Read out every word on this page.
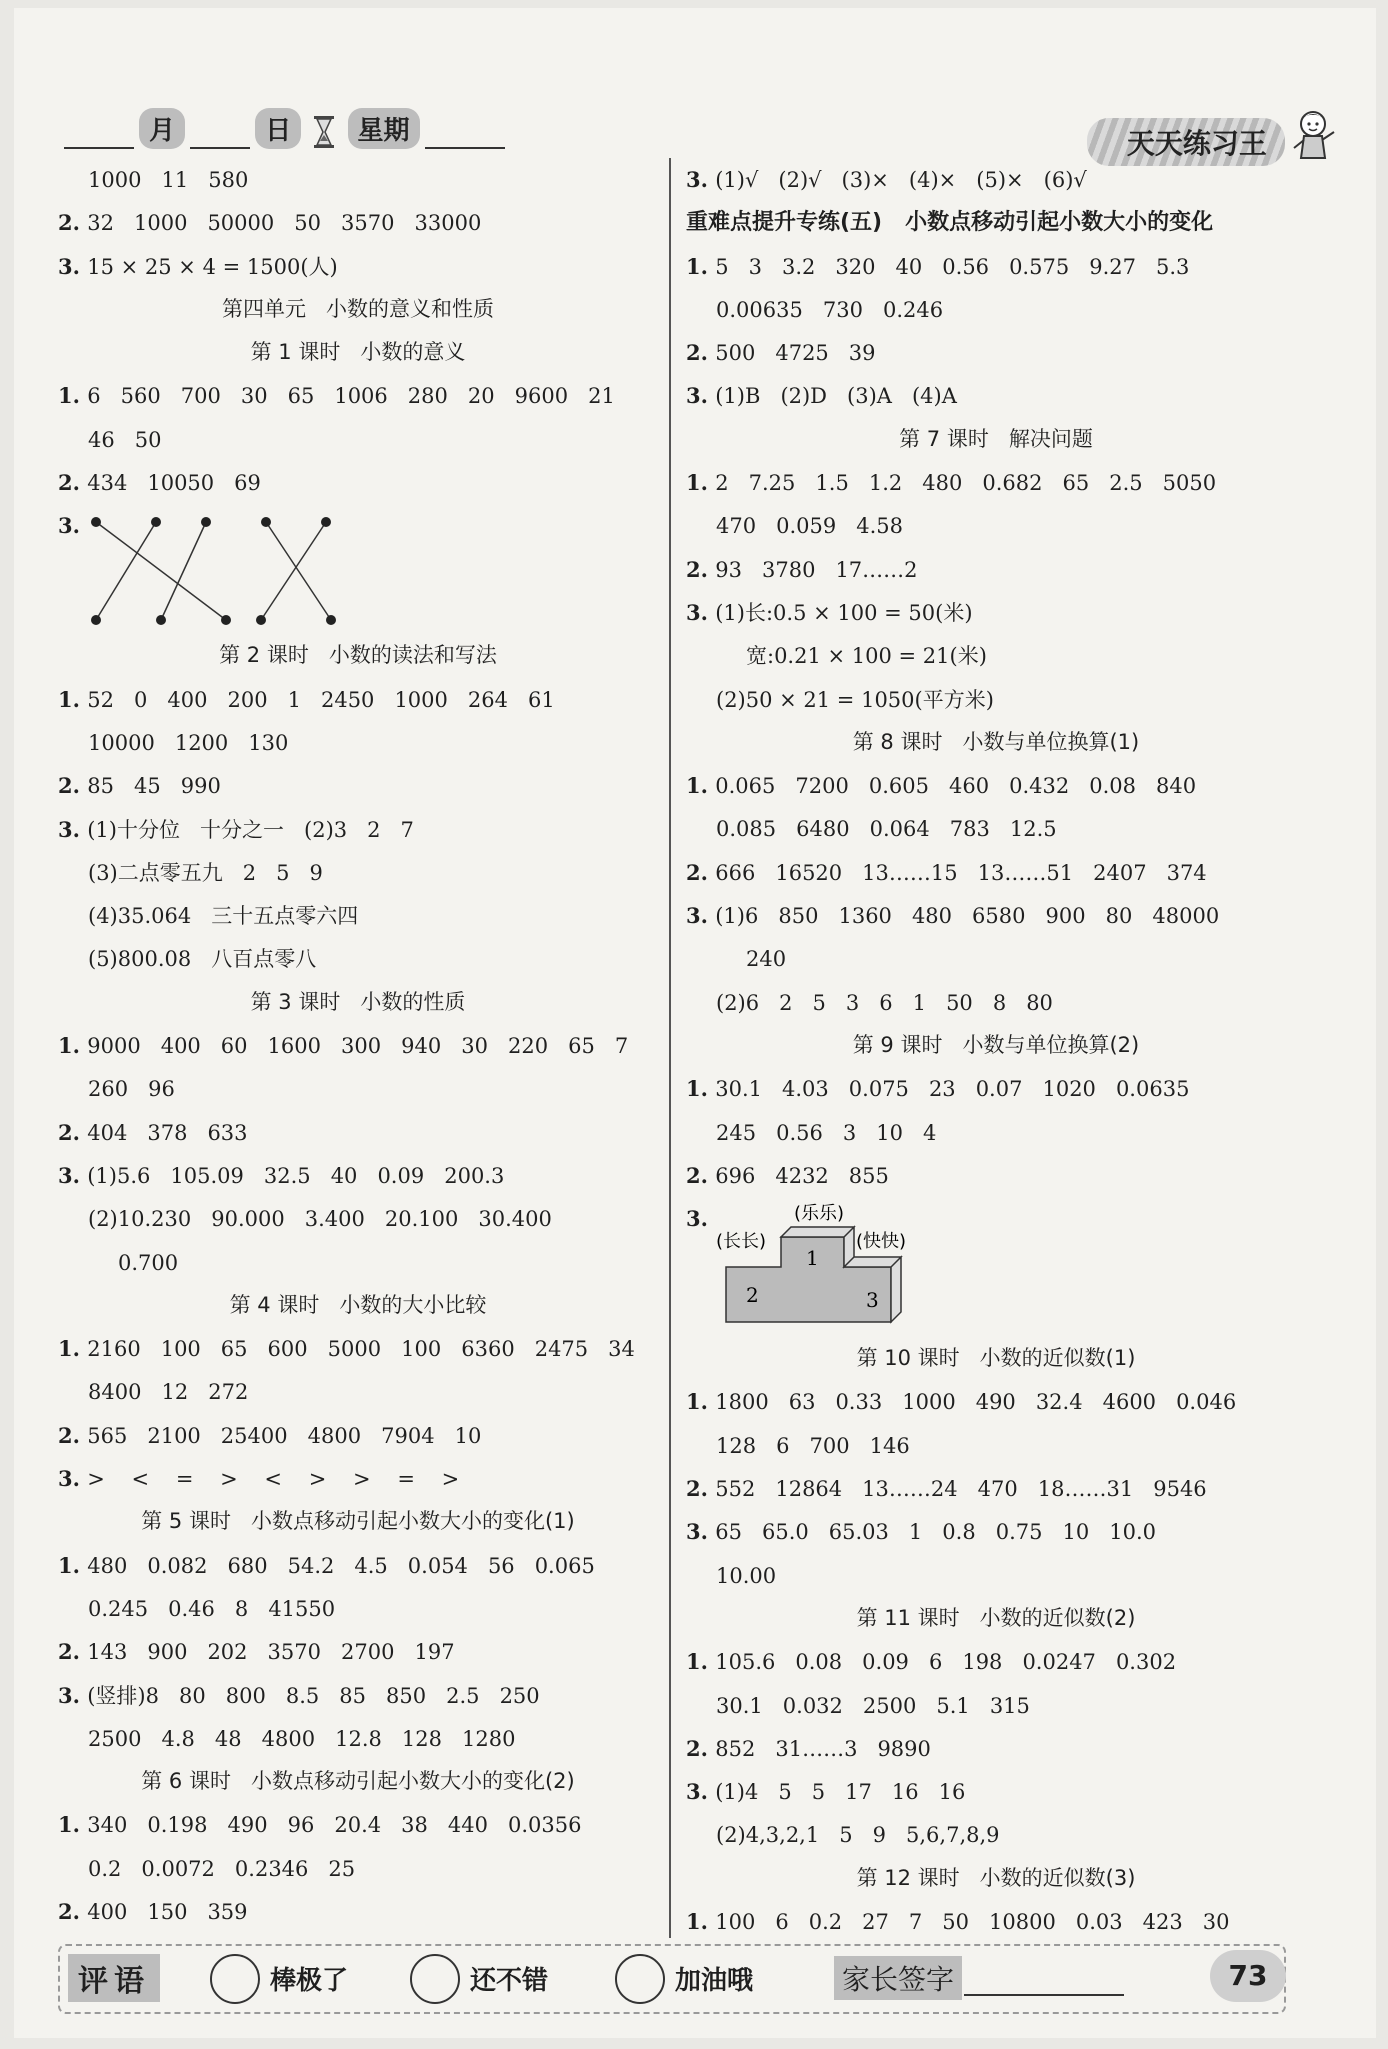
月	日	星期	天天练习王
1000   11   580
2. 32   1000   50000   50   3570   33000
3. 15 × 25 × 4 = 1500(人)
第四单元   小数的意义和性质
第 1 课时   小数的意义
1. 6   560   700   30   65   1006   280   20   9600   21
46   50
2. 434   10050   69
3.
第 2 课时   小数的读法和写法
1. 52   0   400   200   1   2450   1000   264   61
10000   1200   130
2. 85   45   990
3. (1)十分位   十分之一   (2)3   2   7
(3)二点零五九   2   5   9
(4)35.064   三十五点零六四
(5)800.08   八百点零八
第 3 课时   小数的性质
1. 9000   400   60   1600   300   940   30   220   65   7
260   96
2. 404   378   633
3. (1)5.6   105.09   32.5   40   0.09   200.3
(2)10.230   90.000   3.400   20.100   30.400
0.700
第 4 课时   小数的大小比较
1. 2160   100   65   600   5000   100   6360   2475   34
8400   12   272
2. 565   2100   25400   4800   7904   10
3. >    <    =    >    <    >    >    =    >
第 5 课时   小数点移动引起小数大小的变化(1)
1. 480   0.082   680   54.2   4.5   0.054   56   0.065
0.245   0.46   8   41550
2. 143   900   202   3570   2700   197
3. (竖排)8   80   800   8.5   85   850   2.5   250
2500   4.8   48   4800   12.8   128   1280
第 6 课时   小数点移动引起小数大小的变化(2)
1. 340   0.198   490   96   20.4   38   440   0.0356
0.2   0.0072   0.2346   25
2. 400   150   359
3. (1)√   (2)√   (3)×   (4)×   (5)×   (6)√
重难点提升专练(五)   小数点移动引起小数大小的变化
1. 5   3   3.2   320   40   0.56   0.575   9.27   5.3
0.00635   730   0.246
2. 500   4725   39
3. (1)B   (2)D   (3)A   (4)A
第 7 课时   解决问题
1. 2   7.25   1.5   1.2   480   0.682   65   2.5   5050
470   0.059   4.58
2. 93   3780   17……2
3. (1)长:0.5 × 100 = 50(米)
宽:0.21 × 100 = 21(米)
(2)50 × 21 = 1050(平方米)
第 8 课时   小数与单位换算(1)
1. 0.065   7200   0.605   460   0.432   0.08   840
0.085   6480   0.064   783   12.5
2. 666   16520   13……15   13……51   2407   374
3. (1)6   850   1360   480   6580   900   80   48000
240
(2)6   2   5   3   6   1   50   8   80
第 9 课时   小数与单位换算(2)
1. 30.1   4.03   0.075   23   0.07   1020   0.0635
245   0.56   3   10   4
2. 696   4232   855
3.	(乐乐)
(长长)	(快快)
1
2	3
第 10 课时   小数的近似数(1)
1. 1800   63   0.33   1000   490   32.4   4600   0.046
128   6   700   146
2. 552   12864   13……24   470   18……31   9546
3. 65   65.0   65.03   1   0.8   0.75   10   10.0
10.00
第 11 课时   小数的近似数(2)
1. 105.6   0.08   0.09   6   198   0.0247   0.302
30.1   0.032   2500   5.1   315
2. 852   31……3   9890
3. (1)4   5   5   17   16   16
(2)4,3,2,1   5   9   5,6,7,8,9
第 12 课时   小数的近似数(3)
1. 100   6   0.2   27   7   50   10800   0.03   423   30
评语	棒极了	还不错	加油哦	家长签字	73
